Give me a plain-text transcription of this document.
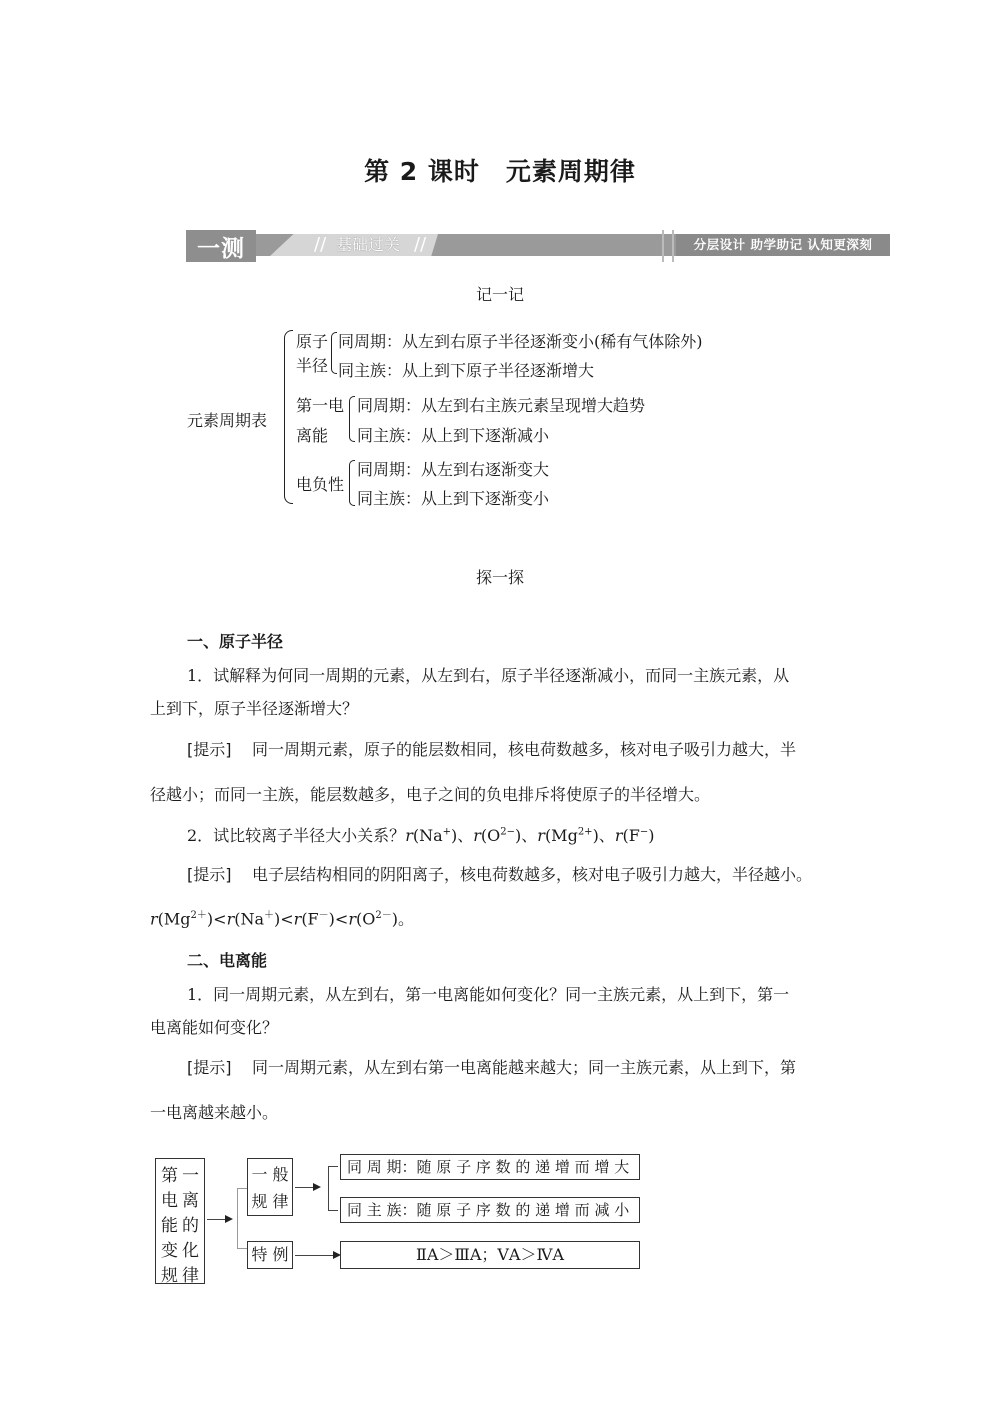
第 2 课时　元素周期律
一测	// 基础过关 //	分层设计 助学助记 认知更深刻
记一记
元素周期表
原子
半径
同周期：从左到右原子半径逐渐变小(稀有气体除外)
同主族：从上到下原子半径逐渐增大
第一电
离能
同周期：从左到右主族元素呈现增大趋势
同主族：从上到下逐渐减小
电负性
同周期：从左到右逐渐变大
同主族：从上到下逐渐变小
探一探
一、原子半径
1．试解释为何同一周期的元素，从左到右，原子半径逐渐减小，而同一主族元素，从
上到下，原子半径逐渐增大？
[提示] 同一周期元素，原子的能层数相同，核电荷数越多，核对电子吸引力越大，半
径越小；而同一主族，能层数越多，电子之间的负电排斥将使原子的半径增大。
2．试比较离子半径大小关系？r(Na+)、$r(O^{2-})$、$r(Mg^{2+})$、r(F−)
[提示] 电子层结构相同的阴阳离子，核电荷数越多，核对电子吸引力越大，半径越小。
$r(Mg^{2+})<r(Na^+)<r(F^-)<r(O^{2-})$。
二、电离能
1．同一周期元素，从左到右，第一电离能如何变化？同一主族元素，从上到下，第一
电离能如何变化？
[提示] 同一周期元素，从左到右第一电离能越来越大；同一主族元素，从上到下，第
一电离越来越小。
第 一
电 离
能 的
变 化
规 律
一 般
规 律
同 周 期：随 原 子 序 数 的 递 增 而 增 大
同 主 族：随 原 子 序 数 的 递 增 而 减 小
特 例	ⅡA＞ⅢA；ⅤA＞ⅣA
